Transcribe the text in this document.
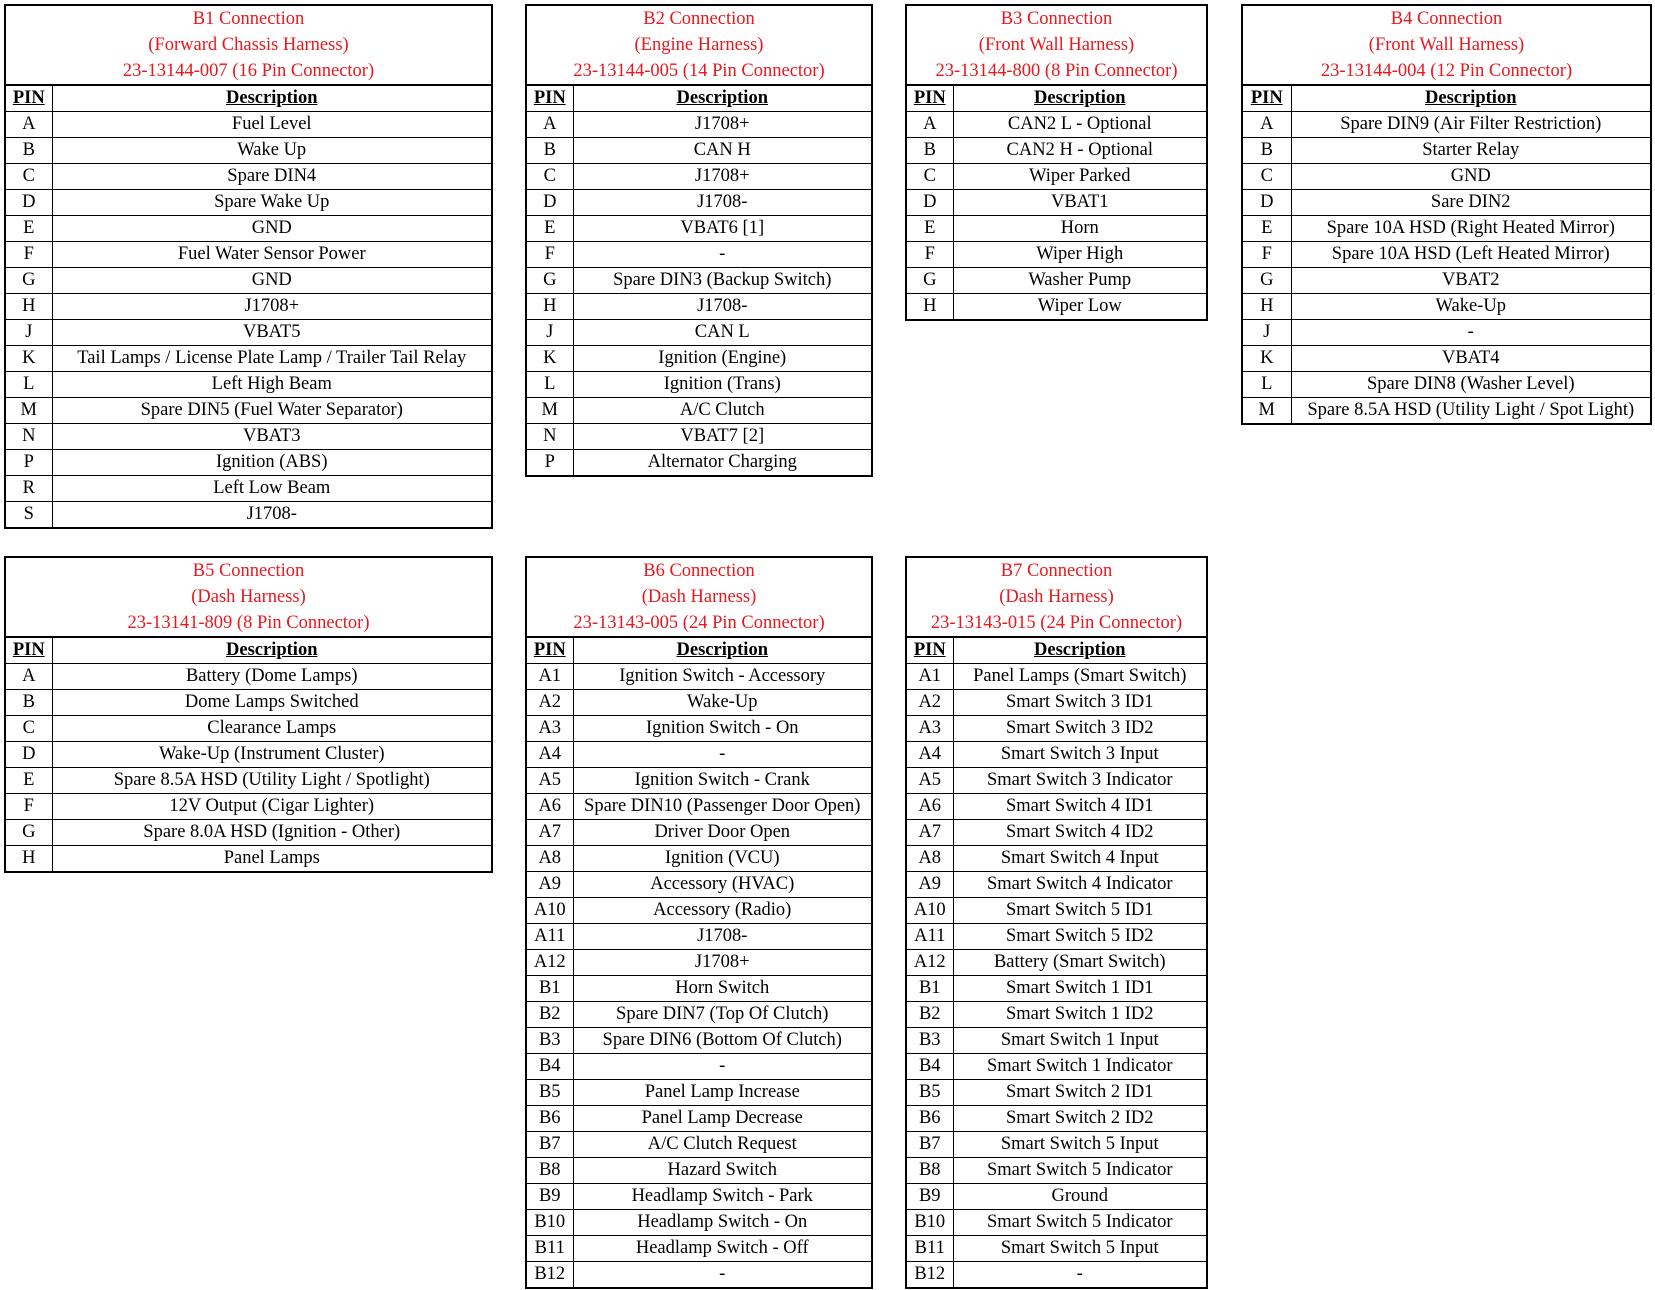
B1 Connection
(Forward Chassis Harness)
23-13144-007 (16 Pin Connector)
PIN	Description
A	Fuel Level
B	Wake Up
C	Spare DIN4
D	Spare Wake Up
E	GND
F	Fuel Water Sensor Power
G	GND
H	J1708+
J	VBAT5
K	Tail Lamps / License Plate Lamp / Trailer Tail Relay
L	Left High Beam
M	Spare DIN5 (Fuel Water Separator)
N	VBAT3
P	Ignition (ABS)
R	Left Low Beam
S	J1708-
B2 Connection
(Engine Harness)
23-13144-005 (14 Pin Connector)
PIN	Description
A	J1708+
B	CAN H
C	J1708+
D	J1708-
E	VBAT6 [1]
F	-
G	Spare DIN3 (Backup Switch)
H	J1708-
J	CAN L
K	Ignition (Engine)
L	Ignition (Trans)
M	A/C Clutch
N	VBAT7 [2]
P	Alternator Charging
B3 Connection
(Front Wall Harness)
23-13144-800 (8 Pin Connector)
PIN	Description
A	CAN2 L - Optional
B	CAN2 H - Optional
C	Wiper Parked
D	VBAT1
E	Horn
F	Wiper High
G	Washer Pump
H	Wiper Low
B4 Connection
(Front Wall Harness)
23-13144-004 (12 Pin Connector)
PIN	Description
A	Spare DIN9 (Air Filter Restriction)
B	Starter Relay
C	GND
D	Sare DIN2
E	Spare 10A HSD (Right Heated Mirror)
F	Spare 10A HSD (Left Heated Mirror)
G	VBAT2
H	Wake-Up
J	-
K	VBAT4
L	Spare DIN8 (Washer Level)
M	Spare 8.5A HSD (Utility Light / Spot Light)
B5 Connection
(Dash Harness)
23-13141-809 (8 Pin Connector)
PIN	Description
A	Battery (Dome Lamps)
B	Dome Lamps Switched
C	Clearance Lamps
D	Wake-Up (Instrument Cluster)
E	Spare 8.5A HSD (Utility Light / Spotlight)
F	12V Output (Cigar Lighter)
G	Spare 8.0A HSD (Ignition - Other)
H	Panel Lamps
B6 Connection
(Dash Harness)
23-13143-005 (24 Pin Connector)
PIN	Description
A1	Ignition Switch - Accessory
A2	Wake-Up
A3	Ignition Switch - On
A4	-
A5	Ignition Switch - Crank
A6	Spare DIN10 (Passenger Door Open)
A7	Driver Door Open
A8	Ignition (VCU)
A9	Accessory (HVAC)
A10	Accessory (Radio)
A11	J1708-
A12	J1708+
B1	Horn Switch
B2	Spare DIN7 (Top Of Clutch)
B3	Spare DIN6 (Bottom Of Clutch)
B4	-
B5	Panel Lamp Increase
B6	Panel Lamp Decrease
B7	A/C Clutch Request
B8	Hazard Switch
B9	Headlamp Switch - Park
B10	Headlamp Switch - On
B11	Headlamp Switch - Off
B12	-
B7 Connection
(Dash Harness)
23-13143-015 (24 Pin Connector)
PIN	Description
A1	Panel Lamps (Smart Switch)
A2	Smart Switch 3 ID1
A3	Smart Switch 3 ID2
A4	Smart Switch 3 Input
A5	Smart Switch 3 Indicator
A6	Smart Switch 4 ID1
A7	Smart Switch 4 ID2
A8	Smart Switch 4 Input
A9	Smart Switch 4 Indicator
A10	Smart Switch 5 ID1
A11	Smart Switch 5 ID2
A12	Battery (Smart Switch)
B1	Smart Switch 1 ID1
B2	Smart Switch 1 ID2
B3	Smart Switch 1 Input
B4	Smart Switch 1 Indicator
B5	Smart Switch 2 ID1
B6	Smart Switch 2 ID2
B7	Smart Switch 5 Input
B8	Smart Switch 5 Indicator
B9	Ground
B10	Smart Switch 5 Indicator
B11	Smart Switch 5 Input
B12	-
